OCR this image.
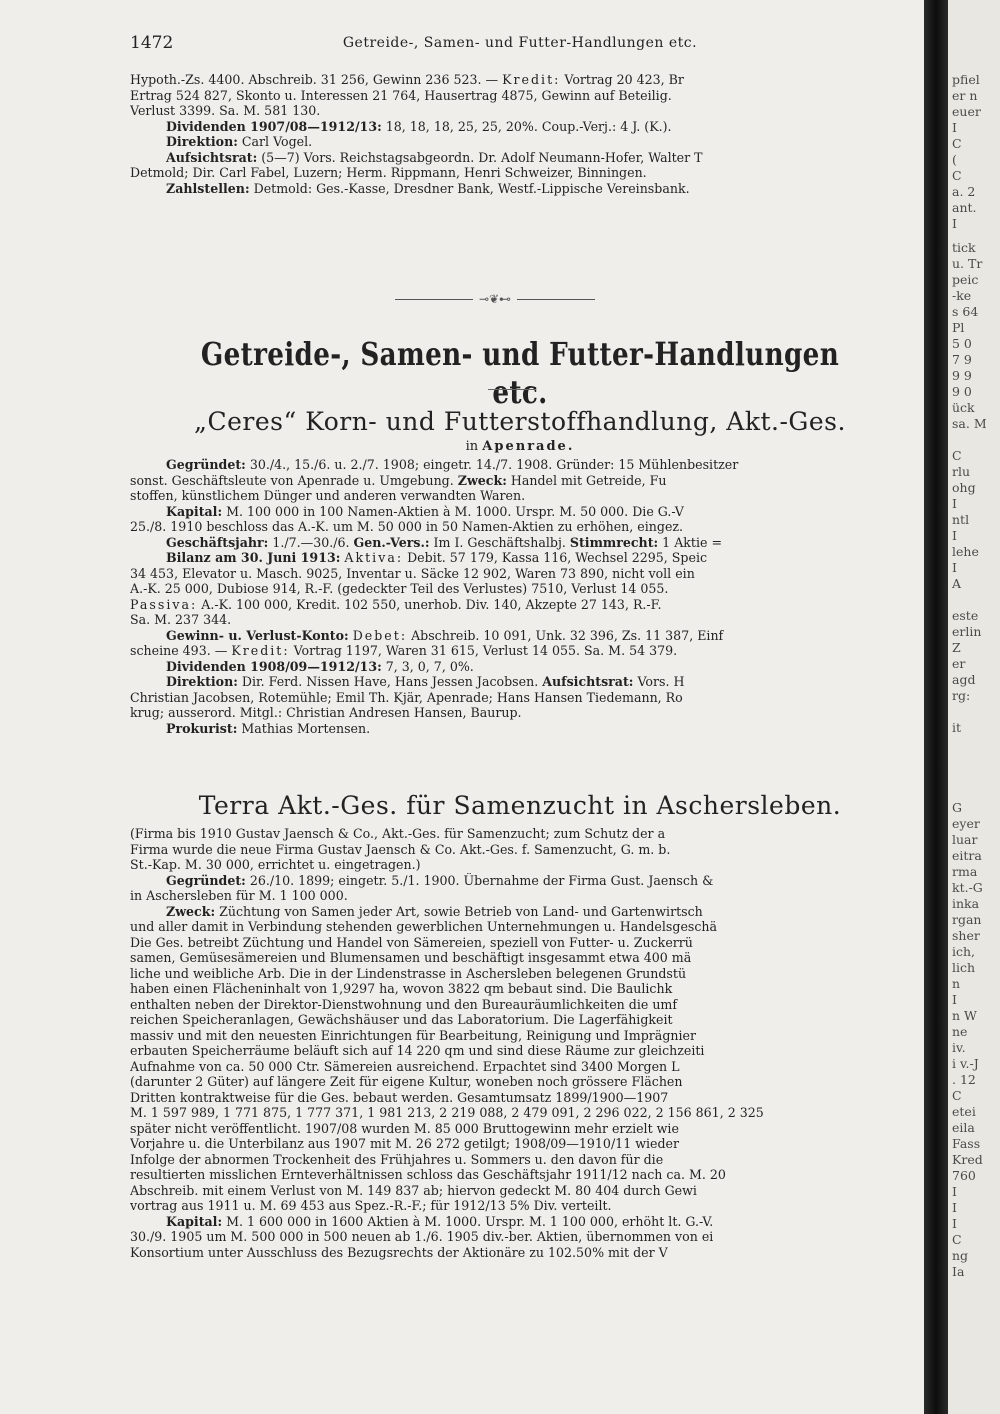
1472	Getreide-, Samen- und Futter-Handlungen etc.
Hypoth.-Zs. 4400. Abschreib. 31 256, Gewinn 236 523. — Kredit: Vortrag 20 423, Br
Ertrag 524 827, Skonto u. Interessen 21 764, Hausertrag 4875, Gewinn auf Beteilig.
Verlust 3399. Sa. M. 581 130.
Dividenden 1907/08—1912/13: 18, 18, 18, 25, 25, 20%. Coup.-Verj.: 4 J. (K.).
Direktion: Carl Vogel.
Aufsichtsrat: (5—7) Vors. Reichstagsabgeordn. Dr. Adolf Neumann-Hofer, Walter T
Detmold; Dir. Carl Fabel, Luzern; Herm. Rippmann, Henri Schweizer, Binningen.
Zahlstellen: Detmold: Ges.-Kasse, Dresdner Bank, Westf.-Lippische Vereinsbank.
⊸❦⊷
Getreide-, Samen- und Futter-Handlungen etc.
„Ceres“ Korn- und Futterstoffhandlung, Akt.-Ges.
in Apenrade.
Gegründet: 30./4., 15./6. u. 2./7. 1908; eingetr. 14./7. 1908. Gründer: 15 Mühlenbesitzer
sonst. Geschäftsleute von Apenrade u. Umgebung. Zweck: Handel mit Getreide, Fu
stoffen, künstlichem Dünger und anderen verwandten Waren.
Kapital: M. 100 000 in 100 Namen-Aktien à M. 1000. Urspr. M. 50 000. Die G.-V
25./8. 1910 beschloss das A.-K. um M. 50 000 in 50 Namen-Aktien zu erhöhen, eingez.
Geschäftsjahr: 1./7.—30./6. Gen.-Vers.: Im I. Geschäftshalbj. Stimmrecht: 1 Aktie =
Bilanz am 30. Juni 1913: Aktiva: Debit. 57 179, Kassa 116, Wechsel 2295, Speic
34 453, Elevator u. Masch. 9025, Inventar u. Säcke 12 902, Waren 73 890, nicht voll ein
A.-K. 25 000, Dubiose 914, R.-F. (gedeckter Teil des Verlustes) 7510, Verlust 14 055.
Passiva: A.-K. 100 000, Kredit. 102 550, unerhob. Div. 140, Akzepte 27 143, R.-F.
Sa. M. 237 344.
Gewinn- u. Verlust-Konto: Debet: Abschreib. 10 091, Unk. 32 396, Zs. 11 387, Einf
scheine 493. — Kredit: Vortrag 1197, Waren 31 615, Verlust 14 055. Sa. M. 54 379.
Dividenden 1908/09—1912/13: 7, 3, 0, 7, 0%.
Direktion: Dir. Ferd. Nissen Have, Hans Jessen Jacobsen. Aufsichtsrat: Vors. H
Christian Jacobsen, Rotemühle; Emil Th. Kjär, Apenrade; Hans Hansen Tiedemann, Ro
krug; ausserord. Mitgl.: Christian Andresen Hansen, Baurup.
Prokurist: Mathias Mortensen.
Terra Akt.-Ges. für Samenzucht in Aschersleben.
(Firma bis 1910 Gustav Jaensch & Co., Akt.-Ges. für Samenzucht; zum Schutz der a
Firma wurde die neue Firma Gustav Jaensch & Co. Akt.-Ges. f. Samenzucht, G. m. b.
St.-Kap. M. 30 000, errichtet u. eingetragen.)
Gegründet: 26./10. 1899; eingetr. 5./1. 1900. Übernahme der Firma Gust. Jaensch &
in Aschersleben für M. 1 100 000.
Zweck: Züchtung von Samen jeder Art, sowie Betrieb von Land- und Gartenwirtsch
und aller damit in Verbindung stehenden gewerblichen Unternehmungen u. Handelsgeschä
Die Ges. betreibt Züchtung und Handel von Sämereien, speziell von Futter- u. Zuckerrü
samen, Gemüsesämereien und Blumensamen und beschäftigt insgesammt etwa 400 mä
liche und weibliche Arb. Die in der Lindenstrasse in Aschersleben belegenen Grundstü
haben einen Flächeninhalt von 1,9297 ha, wovon 3822 qm bebaut sind. Die Baulichk
enthalten neben der Direktor-Dienstwohnung und den Bureauräumlichkeiten die umf
reichen Speicheranlagen, Gewächshäuser und das Laboratorium. Die Lagerfähigkeit
massiv und mit den neuesten Einrichtungen für Bearbeitung, Reinigung und Imprägnier
erbauten Speicherräume beläuft sich auf 14 220 qm und sind diese Räume zur gleichzeiti
Aufnahme von ca. 50 000 Ctr. Sämereien ausreichend. Erpachtet sind 3400 Morgen L
(darunter 2 Güter) auf längere Zeit für eigene Kultur, woneben noch grössere Flächen
Dritten kontraktweise für die Ges. bebaut werden. Gesamtumsatz 1899/1900—1907
M. 1 597 989, 1 771 875, 1 777 371, 1 981 213, 2 219 088, 2 479 091, 2 296 022, 2 156 861, 2 325
später nicht veröffentlicht. 1907/08 wurden M. 85 000 Bruttogewinn mehr erzielt wie
Vorjahre u. die Unterbilanz aus 1907 mit M. 26 272 getilgt; 1908/09—1910/11 wieder
Infolge der abnormen Trockenheit des Frühjahres u. Sommers u. den davon für die
resultierten misslichen Ernteverhältnissen schloss das Geschäftsjahr 1911/12 nach ca. M. 20
Abschreib. mit einem Verlust von M. 149 837 ab; hiervon gedeckt M. 80 404 durch Gewi
vortrag aus 1911 u. M. 69 453 aus Spez.-R.-F.; für 1912/13 5% Div. verteilt.
Kapital: M. 1 600 000 in 1600 Aktien à M. 1000. Urspr. M. 1 100 000, erhöht lt. G.-V.
30./9. 1905 um M. 500 000 in 500 neuen ab 1./6. 1905 div.-ber. Aktien, übernommen von ei
Konsortium unter Ausschluss des Bezugsrechts der Aktionäre zu 102.50% mit der V
pfiel
er n
euer
I
C
(
C
a. 2
ant.
I
tick
u. Tr
peic
-ke
s 64
Pl
5 0
7 9
9 9
9 0
ück
sa. M
C
rlu
ohg
I
ntl
I
lehe
I
A
este
erlin
Z
er
agd
rg:
it
G
eyer
luar
eitra
rma
kt.-G
inka
rgan
sher
ich,
lich
n
I
n W
ne
iv.
i v.-J
. 12
C
etei
eila
Fass
Kred
760
I
I
I
C
ng
Ia
